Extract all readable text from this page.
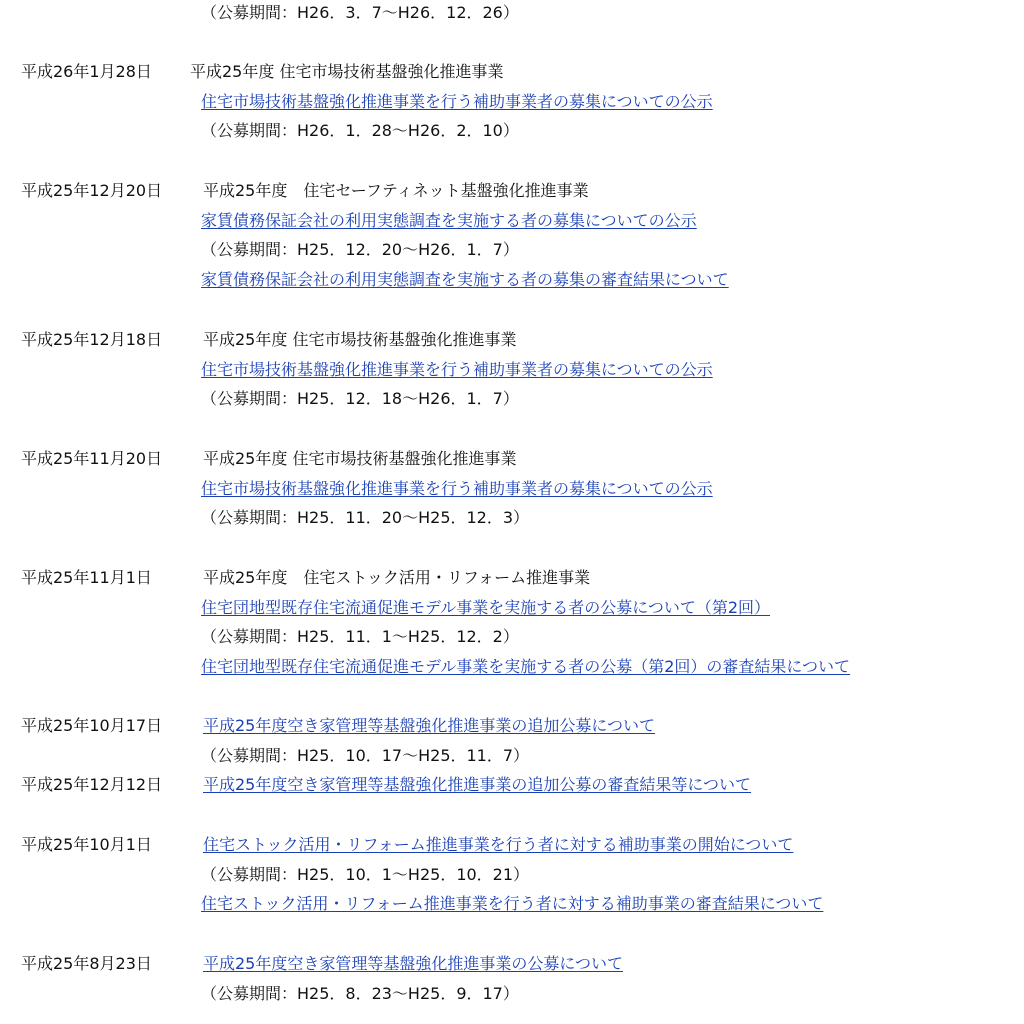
（公募期間：H26．3．7～H26．12．26）
平成26年1月28日 平成25年度 住宅市場技術基盤強化推進事業
住宅市場技術基盤強化推進事業を行う補助事業者の募集についての公示
（公募期間：H26．1．28～H26．2．10）
平成25年12月20日	平成25年度　住宅セーフティネット基盤強化推進事業
家賃債務保証会社の利用実態調査を実施する者の募集についての公示
（公募期間：H25．12．20～H26．1．7）
家賃債務保証会社の利用実態調査を実施する者の募集の審査結果について
平成25年12月18日	平成25年度 住宅市場技術基盤強化推進事業
住宅市場技術基盤強化推進事業を行う補助事業者の募集についての公示
（公募期間：H25．12．18～H26．1．7）
平成25年11月20日	平成25年度 住宅市場技術基盤強化推進事業
住宅市場技術基盤強化推進事業を行う補助事業者の募集についての公示
（公募期間：H25．11．20～H25．12．3）
平成25年11月1日	平成25年度　住宅ストック活用・リフォーム推進事業
住宅団地型既存住宅流通促進モデル事業を実施する者の公募について（第2回）
（公募期間：H25．11．1～H25．12．2）
住宅団地型既存住宅流通促進モデル事業を実施する者の公募（第2回）の審査結果について
平成25年10月17日	平成25年度空き家管理等基盤強化推進事業の追加公募について
（公募期間：H25．10．17～H25．11．7）
平成25年12月12日	平成25年度空き家管理等基盤強化推進事業の追加公募の審査結果等について
平成25年10月1日	住宅ストック活用・リフォーム推進事業を行う者に対する補助事業の開始について
（公募期間：H25．10．1～H25．10．21）
住宅ストック活用・リフォーム推進事業を行う者に対する補助事業の審査結果について
平成25年8月23日	平成25年度空き家管理等基盤強化推進事業の公募について
（公募期間：H25．8．23～H25．9．17）
